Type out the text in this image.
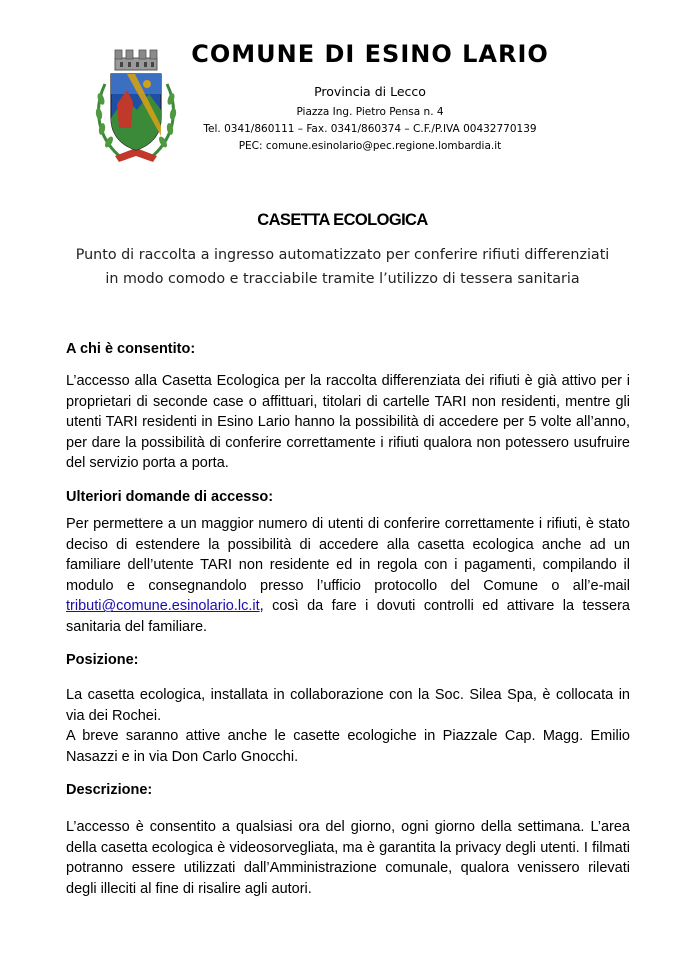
COMUNE DI ESINO LARIO
Provincia di Lecco
Piazza Ing. Pietro Pensa n. 4
Tel. 0341/860111 – Fax. 0341/860374 – C.F./P.IVA 00432770139
PEC: comune.esinolario@pec.regione.lombardia.it
CASETTA ECOLOGICA
Punto di raccolta a ingresso automatizzato per conferire rifiuti differenziati
in modo comodo e tracciabile tramite l’utilizzo di tessera sanitaria
A chi è consentito:

L’accesso alla Casetta Ecologica per la raccolta differenziata dei rifiuti è già attivo per i proprietari di seconde case o affittuari, titolari di cartelle TARI non residenti, mentre gli utenti TARI residenti in Esino Lario hanno la possibilità di accedere per 5 volte all’anno, per dare la possibilità di conferire correttamente i rifiuti qualora non potessero usufruire del servizio porta a porta.

Ulteriori domande di accesso:

Per permettere a un maggior numero di utenti di conferire correttamente i rifiuti, è stato deciso di estendere la possibilità di accedere alla casetta ecologica anche ad un familiare dell’utente TARI non residente ed in regola con i pagamenti, compilando il modulo e consegnandolo presso l’ufficio protocollo del Comune o all’e-mail tributi@comune.esinolario.lc.it, così da fare i dovuti controlli ed attivare la tessera sanitaria del familiare.

Posizione:

La casetta ecologica, installata in collaborazione con la Soc. Silea Spa, è collocata in via dei Rochei.

A breve saranno attive anche le casette ecologiche in Piazzale Cap. Magg. Emilio Nasazzi e in via Don Carlo Gnocchi.

Descrizione:

L’accesso è consentito a qualsiasi ora del giorno, ogni giorno della settimana. L’area della casetta ecologica è videosorvegliata, ma è garantita la privacy degli utenti. I filmati potranno essere utilizzati dall’Amministrazione comunale, qualora venissero rilevati degli illeciti al fine di risalire agli autori.
